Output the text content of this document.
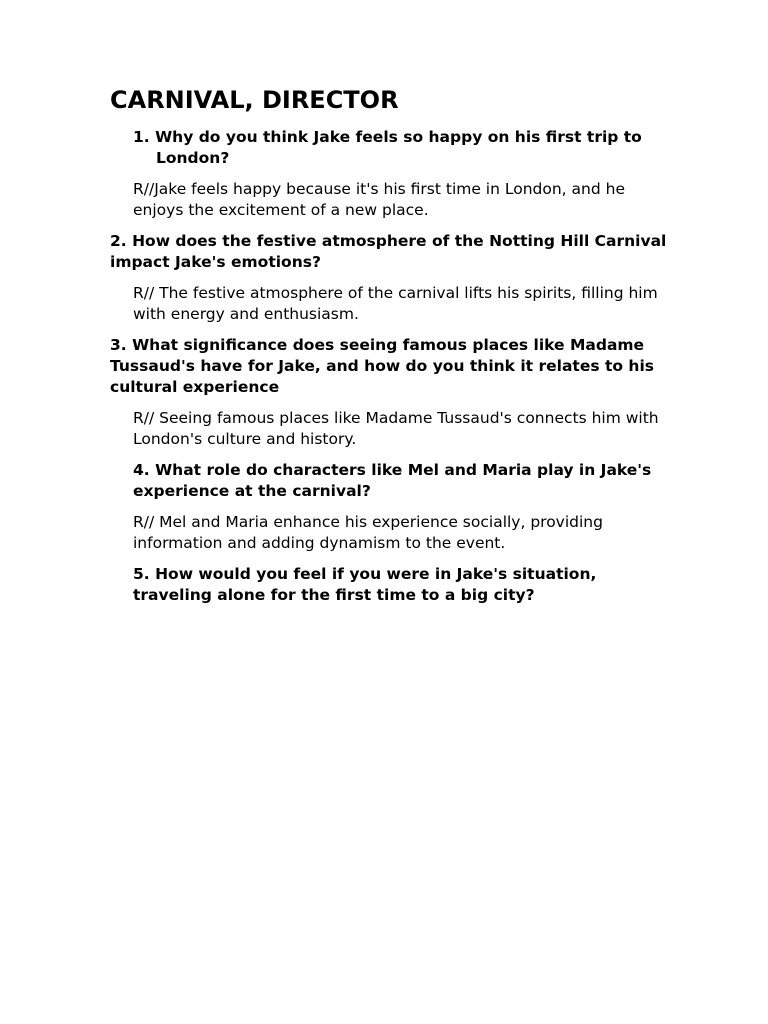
CARNIVAL, DIRECTOR

1. Why do you think Jake feels so happy on his first trip to London?

R//Jake feels happy because it's his first time in London, and he enjoys the excitement of a new place.

2. How does the festive atmosphere of the Notting Hill Carnival impact Jake's emotions?

R// The festive atmosphere of the carnival lifts his spirits, filling him with energy and enthusiasm.

3. What significance does seeing famous places like Madame Tussaud's have for Jake, and how do you think it relates to his cultural experience

R// Seeing famous places like Madame Tussaud's connects him with London's culture and history.

4. What role do characters like Mel and Maria play in Jake's experience at the carnival?

R// Mel and Maria enhance his experience socially, providing information and adding dynamism to the event.

5. How would you feel if you were in Jake's situation, traveling alone for the first time to a big city?
